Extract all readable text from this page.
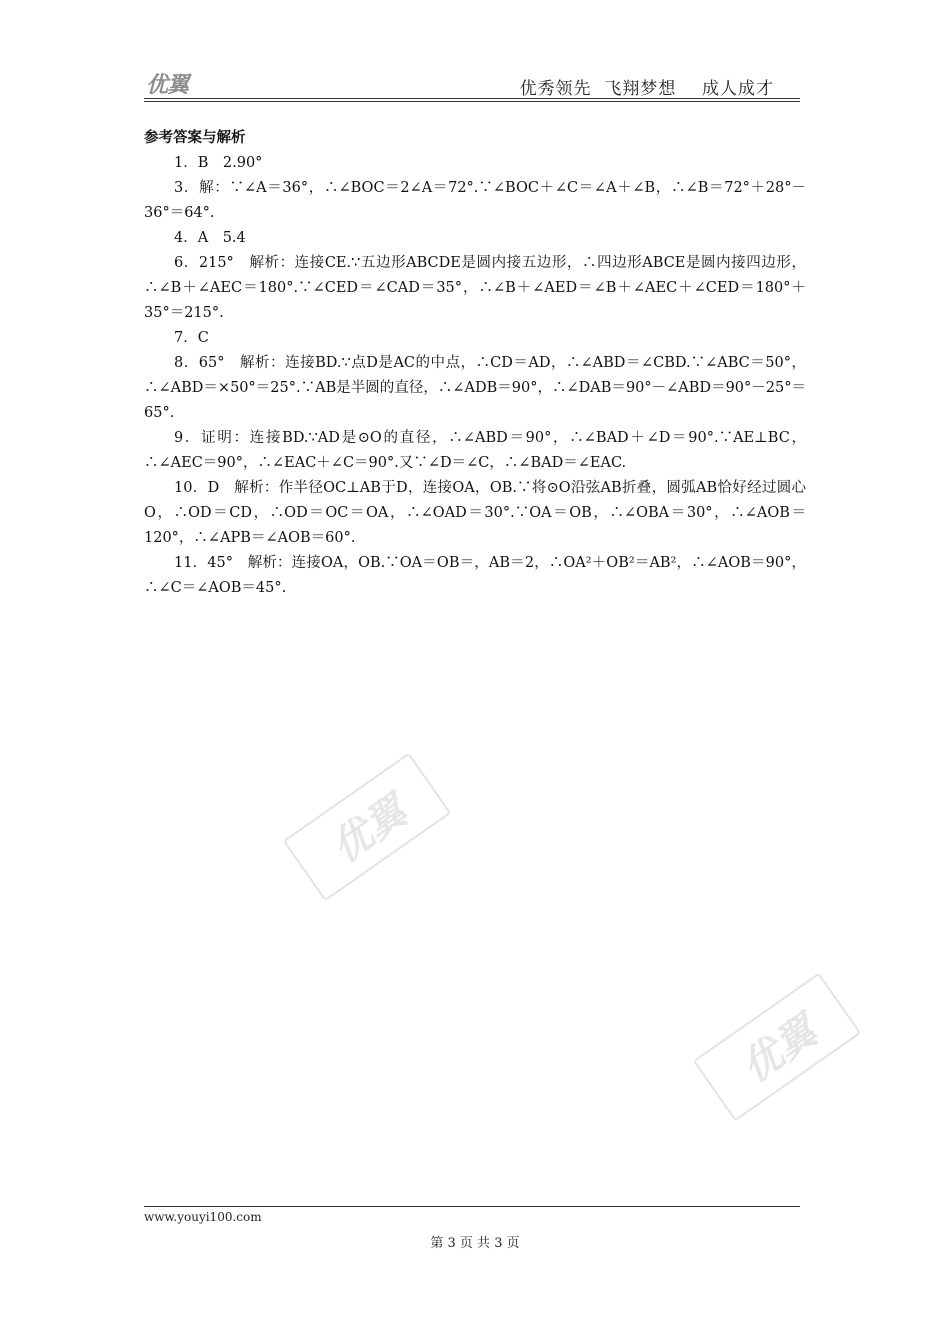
优翼	优秀领先  飞翔梦想    成人成才
优翼
优翼
参考答案与解析

1．B　2.90°

3．解：∵∠A＝36°，∴∠BOC＝2∠A＝72°.∵∠BOC＋∠C＝∠A＋∠B，∴∠B＝72°＋28°－36°＝64°.

4．A　5.4

6．215°　解析：连接CE.∵五边形ABCDE是圆内接五边形，∴四边形ABCE是圆内接四边形，∴∠B＋∠AEC＝180°.∵∠CED＝∠CAD＝35°，∴∠B＋∠AED＝∠B＋∠AEC＋∠CED＝180°＋35°＝215°.

7．C

8．65°　解析：连接BD.∵点D是AC的中点，∴CD＝AD，∴∠ABD＝∠CBD.∵∠ABC＝50°，∴∠ABD＝×50°＝25°.∵AB是半圆的直径，∴∠ADB＝90°，∴∠DAB＝90°－∠ABD＝90°－25°＝65°.

9．证明：连接BD.∵AD是⊙O的直径，∴∠ABD＝90°，∴∠BAD＋∠D＝90°.∵AE⊥BC，∴∠AEC＝90°，∴∠EAC＋∠C＝90°.又∵∠D＝∠C，∴∠BAD＝∠EAC.

10．D　解析：作半径OC⊥AB于D，连接OA，OB.∵将⊙O沿弦AB折叠，圆弧AB恰好经过圆心O，∴OD＝CD，∴OD＝OC＝OA，∴∠OAD＝30°.∵OA＝OB，∴∠OBA＝30°，∴∠AOB＝120°，∴∠APB＝∠AOB＝60°.

11．45°　解析：连接OA，OB.∵OA＝OB＝，AB＝2，∴OA²＋OB²＝AB²，∴∠AOB＝90°，∴∠C＝∠AOB＝45°.

www.youyi100.com
第 3 页 共 3 页
